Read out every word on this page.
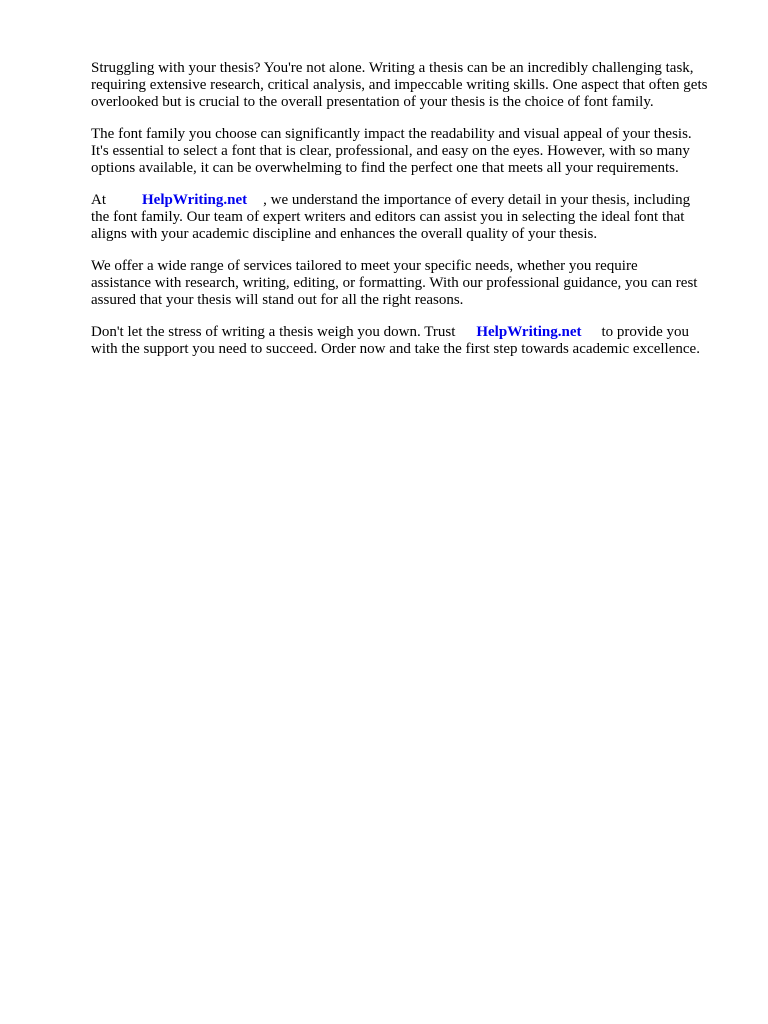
Struggling with your thesis? You're not alone. Writing a thesis can be an incredibly challenging task,
requiring extensive research, critical analysis, and impeccable writing skills. One aspect that often gets
overlooked but is crucial to the overall presentation of your thesis is the choice of font family.

The font family you choose can significantly impact the readability and visual appeal of your thesis.
It's essential to select a font that is clear, professional, and easy on the eyes. However, with so many
options available, it can be overwhelming to find the perfect one that meets all your requirements.

At HelpWriting.net , we understand the importance of every detail in your thesis, including
the font family. Our team of expert writers and editors can assist you in selecting the ideal font that
aligns with your academic discipline and enhances the overall quality of your thesis.

We offer a wide range of services tailored to meet your specific needs, whether you require
assistance with research, writing, editing, or formatting. With our professional guidance, you can rest
assured that your thesis will stand out for all the right reasons.

Don't let the stress of writing a thesis weigh you down. Trust HelpWriting.net to provide you
with the support you need to succeed. Order now and take the first step towards academic excellence.
